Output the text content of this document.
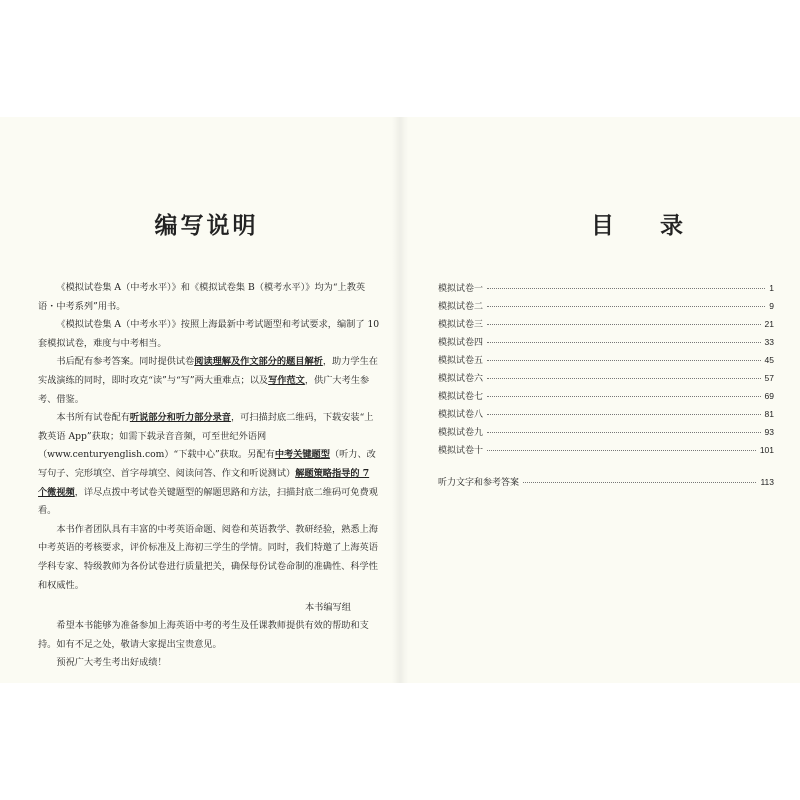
编写说明

《模拟试卷集 A（中考水平）》和《模拟试卷集 B（模考水平）》均为“上教英语・中考系列”用书。

《模拟试卷集 A（中考水平）》按照上海最新中考试题型和考试要求，编制了 10 套模拟试卷，难度与中考相当。

书后配有参考答案。同时提供试卷阅读理解及作文部分的题目解析，助力学生在实战演练的同时，即时攻克“读”与“写”两大重难点；以及写作范文，供广大考生参考、借鉴。

本书所有试卷配有听说部分和听力部分录音，可扫描封底二维码，下载安装“上教英语 App”获取；如需下载录音音频，可至世纪外语网（www.centuryenglish.com）“下载中心”获取。另配有中考关键题型（听力、改写句子、完形填空、首字母填空、阅读问答、作文和听说测试）解题策略指导的 7 个微视频，详尽点拨中考试卷关键题型的解题思路和方法，扫描封底二维码可免费观看。

本书作者团队具有丰富的中考英语命题、阅卷和英语教学、教研经验，熟悉上海中考英语的考核要求，评价标准及上海初三学生的学情。同时，我们特邀了上海英语学科专家、特级教师为各份试卷进行质量把关，确保每份试卷命制的准确性、科学性和权威性。

希望本书能够为准备参加上海英语中考的考生及任课教师提供有效的帮助和支持。如有不足之处，敬请大家提出宝贵意见。

预祝广大考生考出好成绩！

本书编写组
目录
模拟试卷一	1
模拟试卷二	9
模拟试卷三	21
模拟试卷四	33
模拟试卷五	45
模拟试卷六	57
模拟试卷七	69
模拟试卷八	81
模拟试卷九	93
模拟试卷十	101
听力文字和参考答案	113
